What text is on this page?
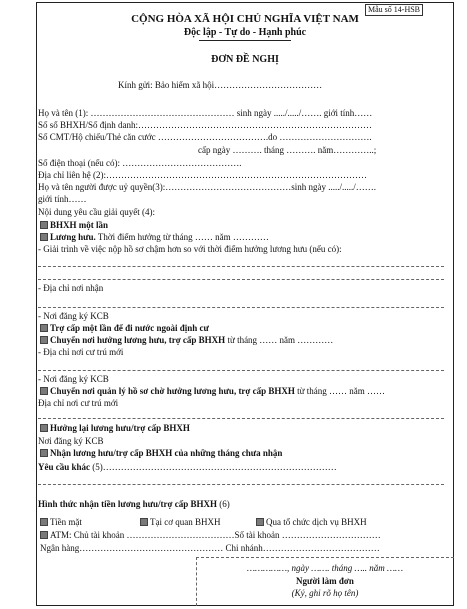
Mẫu số 14-HSB
CỘNG HÒA XÃ HỘI CHỦ NGHĨA VIỆT NAM
Độc lập - Tự do - Hạnh phúc
ĐƠN ĐỀ NGHỊ
Kính gửi: Bảo hiểm xã hội………………………………
Họ và tên (1): ………………………………………… sinh ngày ...../...../……. giới tính……
Số sổ BHXH/Số định danh:……………………………………………………………………
Số CMT/Hộ chiếu/Thẻ căn cước ……………………………….do ………………………….
cấp ngày ………. tháng ………. năm…………..;
Số điện thoại (nếu có): ………………………………….
Địa chỉ liên hệ (2):……………………………………………………………………………
Họ và tên người được uỷ quyền(3):……………………………………sinh ngày ...../...../…….
giới tính……
Nội dung yêu cầu giải quyết (4):
BHXH một lần
Lương hưu. Thời điểm hưởng từ tháng …… năm …………
- Giải trình về việc nộp hồ sơ chậm hơn so với thời điểm hưởng lương hưu (nếu có):
- Địa chỉ nơi nhận
- Nơi đăng ký KCB
Trợ cấp một lần để đi nước ngoài định cư
Chuyển nơi hưởng lương hưu, trợ cấp BHXH từ tháng …… năm …………
- Địa chỉ nơi cư trú mới
- Nơi đăng ký KCB
Chuyển nơi quản lý hồ sơ chờ hưởng lương hưu, trợ cấp BHXH từ tháng …… năm ……
Địa chỉ nơi cư trú mới
Hưởng lại lương hưu/trợ cấp BHXH
Nơi đăng ký KCB
Nhận lương hưu/trợ cấp BHXH của những tháng chưa nhận
Yêu cầu khác (5)……………………………………………………………………
Hình thức nhận tiền lương hưu/trợ cấp BHXH (6)
Tiền mặt	Tại cơ quan BHXH	Qua tổ chức dịch vụ BHXH
ATM: Chủ tài khoản ………………………………Số tài khoản ……………………………
Ngân hàng………………………………………… Chi nhánh…………………………………
……………, ngày ……. tháng ….. năm ……
Người làm đơn
(Ký, ghi rõ họ tên)
